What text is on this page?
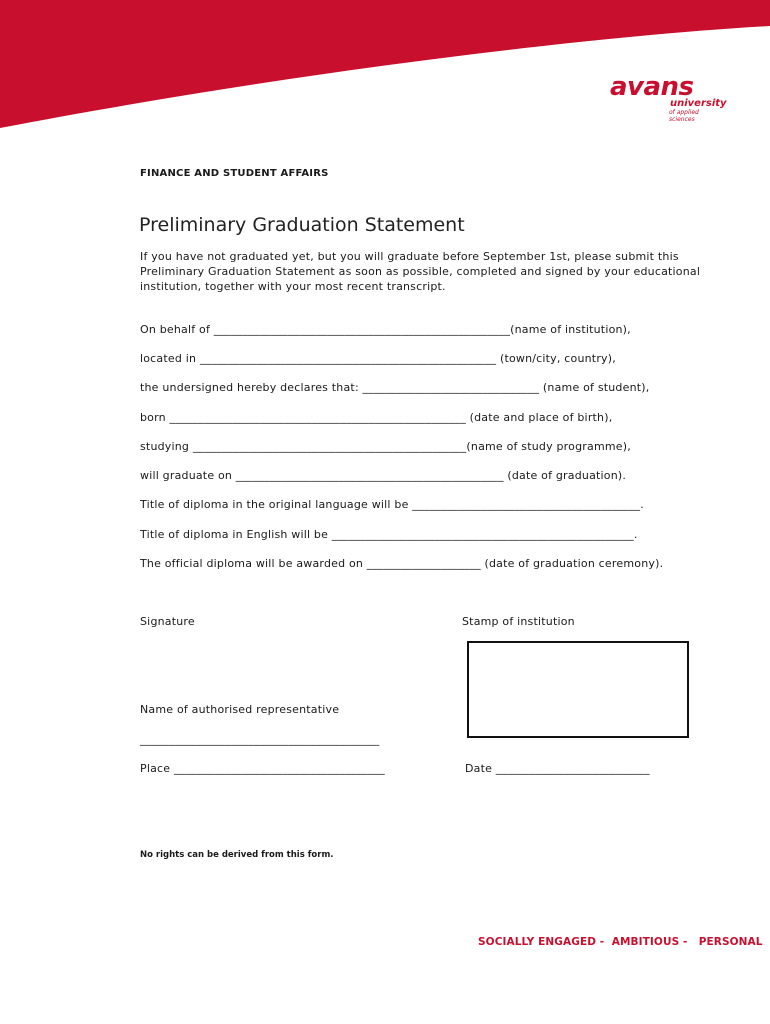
avans
university
of applied sciences
FINANCE AND STUDENT AFFAIRS
Preliminary Graduation Statement
If you have not graduated yet, but you will graduate before September 1st, please submit this Preliminary Graduation Statement as soon as possible, completed and signed by your educational institution, together with your most recent transcript.
On behalf of ____________________________________________________(name of institution),
located in ____________________________________________________ (town/city, country),
the undersigned hereby declares that: _______________________________ (name of student),
born ____________________________________________________ (date and place of birth),
studying ________________________________________________(name of study programme),
will graduate on _______________________________________________ (date of graduation).
Title of diploma in the original language will be ________________________________________.
Title of diploma in English will be _____________________________________________________.
The official diploma will be awarded on ____________________ (date of graduation ceremony).
Signature	Stamp of institution
Name of authorised representative
__________________________________________
Place _____________________________________	Date ___________________________
No rights can be derived from this form.
SOCIALLY ENGAGED -  AMBITIOUS -   PERSONAL
